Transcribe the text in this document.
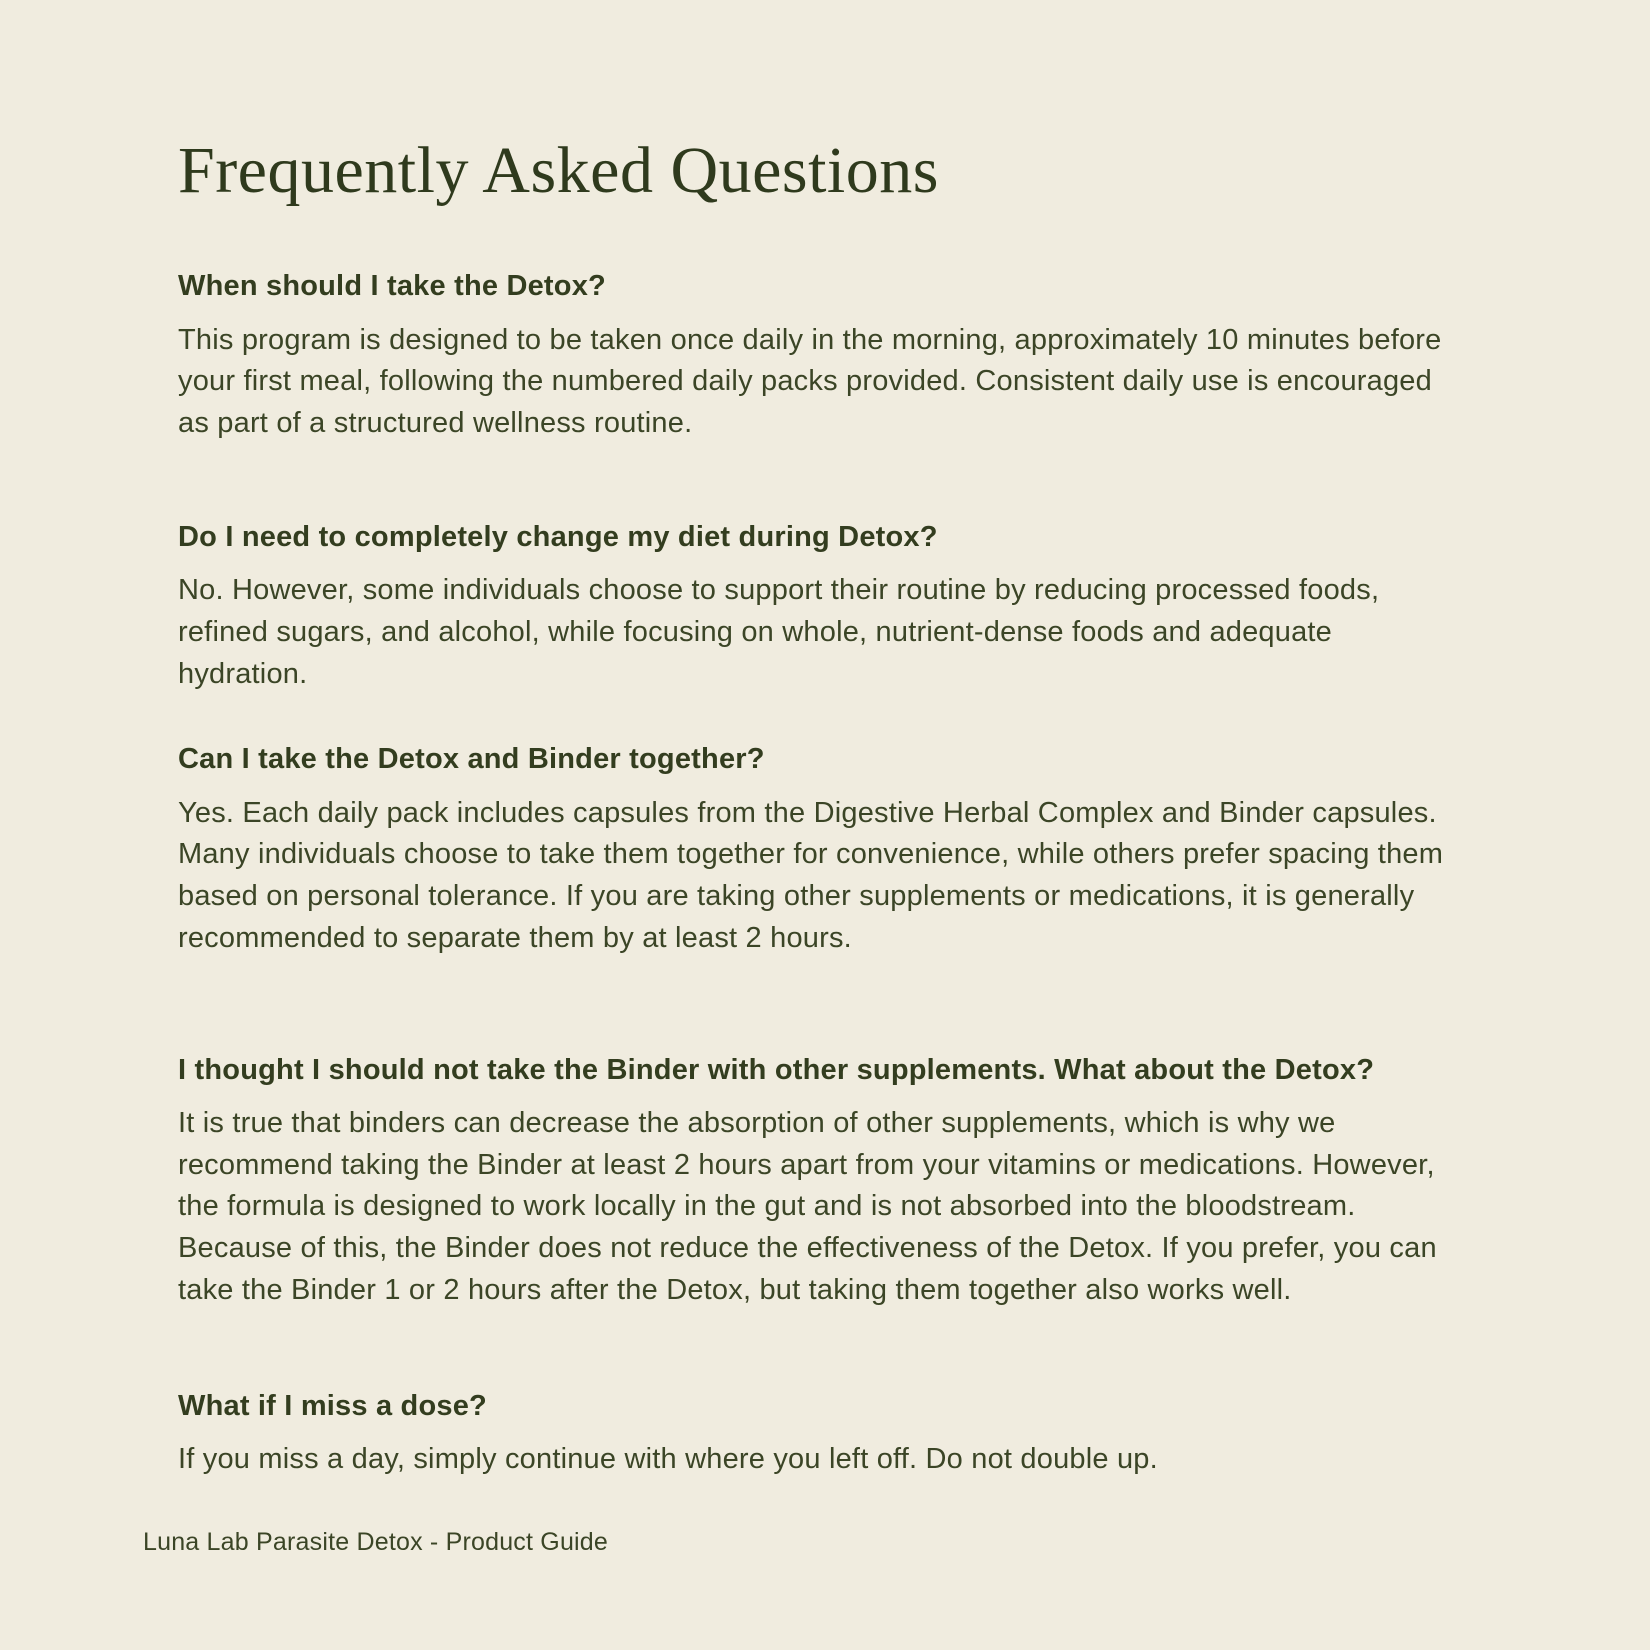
Frequently Asked Questions

When should I take the Detox?

This program is designed to be taken once daily in the morning, approximately 10 minutes before your first meal, following the numbered daily packs provided. Consistent daily use is encouraged as part of a structured wellness routine.

Do I need to completely change my diet during Detox?

No. However, some individuals choose to support their routine by reducing processed foods, refined sugars, and alcohol, while focusing on whole, nutrient-dense foods and adequate hydration.

Can I take the Detox and Binder together?

Yes. Each daily pack includes capsules from the Digestive Herbal Complex and Binder capsules. Many individuals choose to take them together for convenience, while others prefer spacing them based on personal tolerance. If you are taking other supplements or medications, it is generally recommended to separate them by at least 2 hours.

I thought I should not take the Binder with other supplements. What about the Detox?

It is true that binders can decrease the absorption of other supplements, which is why we recommend taking the Binder at least 2 hours apart from your vitamins or medications. However, the formula is designed to work locally in the gut and is not absorbed into the bloodstream. Because of this, the Binder does not reduce the effectiveness of the Detox. If you prefer, you can take the Binder 1 or 2 hours after the Detox, but taking them together also works well.

What if I miss a dose?

If you miss a day, simply continue with where you left off. Do not double up.

Luna Lab Parasite Detox - Product Guide
